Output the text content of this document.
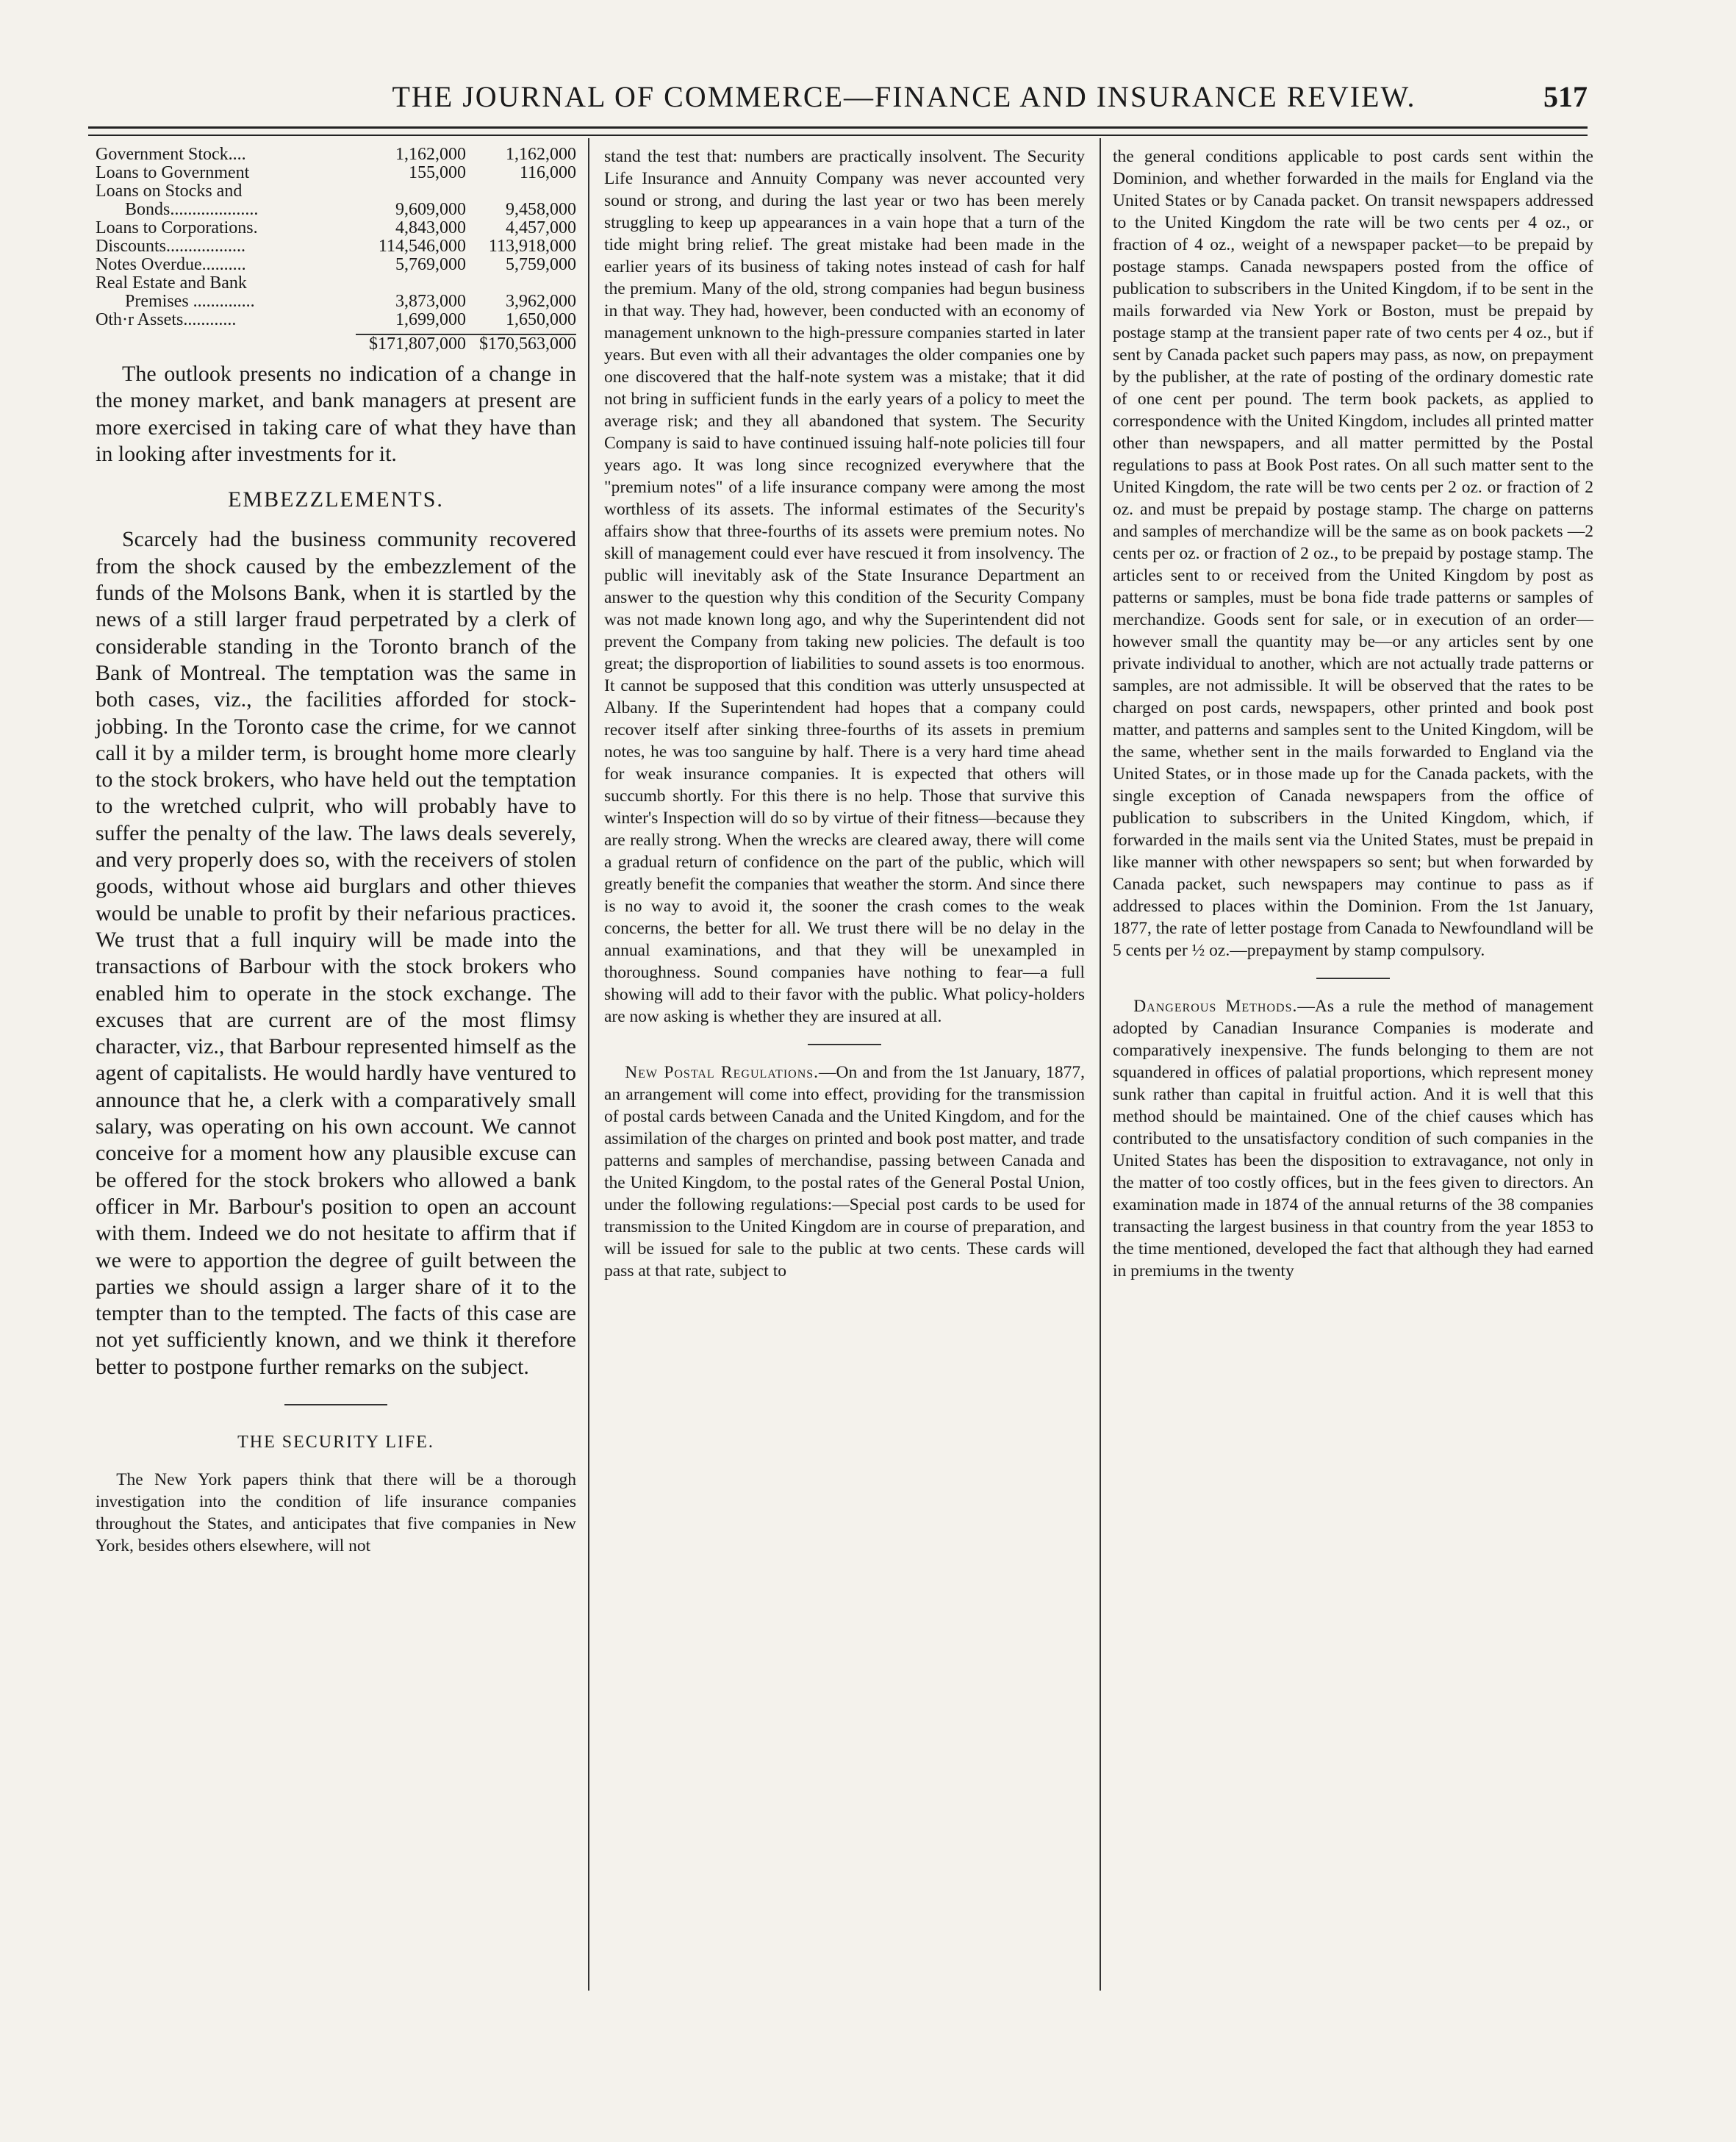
THE JOURNAL OF COMMERCE—FINANCE AND INSURANCE REVIEW.	517
Government Stock....	1,162,000	1,162,000
Loans to Government	155,000	116,000
Loans on Stocks and		
Bonds....................	9,609,000	9,458,000
Loans to Corporations.	4,843,000	4,457,000
Discounts..................	114,546,000	113,918,000
Notes Overdue..........	5,769,000	5,759,000
Real Estate and Bank		
Premises ..............	3,873,000	3,962,000
Oth·r Assets............	1,699,000	1,650,000

	$171,807,000	$170,563,000

The outlook presents no indication of a change in the money market, and bank managers at present are more exercised in taking care of what they have than in looking after investments for it.

EMBEZZLEMENTS.

Scarcely had the business community recovered from the shock caused by the embezzlement of the funds of the Molsons Bank, when it is startled by the news of a still larger fraud perpetrated by a clerk of considerable standing in the Toronto branch of the Bank of Montreal. The temptation was the same in both cases, viz., the facilities afforded for stock-jobbing. In the Toronto case the crime, for we cannot call it by a milder term, is brought home more clearly to the stock brokers, who have held out the temptation to the wretched culprit, who will probably have to suffer the penalty of the law. The laws deals severely, and very properly does so, with the receivers of stolen goods, without whose aid burglars and other thieves would be unable to profit by their nefarious practices. We trust that a full inquiry will be made into the transactions of Barbour with the stock brokers who enabled him to operate in the stock exchange. The excuses that are current are of the most flimsy character, viz., that Barbour represented himself as the agent of capitalists. He would hardly have ventured to announce that he, a clerk with a comparatively small salary, was operating on his own account. We cannot conceive for a moment how any plausible excuse can be offered for the stock brokers who allowed a bank officer in Mr. Barbour's position to open an account with them. Indeed we do not hesitate to affirm that if we were to apportion the degree of guilt between the parties we should assign a larger share of it to the tempter than to the tempted. The facts of this case are not yet sufficiently known, and we think it therefore better to postpone further remarks on the subject.

THE SECURITY LIFE.

The New York papers think that there will be a thorough investigation into the condition of life insurance companies throughout the States, and anticipates that five companies in New York, besides others elsewhere, will not

stand the test that: numbers are practically insolvent. The Security Life Insurance and Annuity Company was never accounted very sound or strong, and during the last year or two has been merely struggling to keep up appearances in a vain hope that a turn of the tide might bring relief. The great mistake had been made in the earlier years of its business of taking notes instead of cash for half the premium. Many of the old, strong companies had begun business in that way. They had, however, been conducted with an economy of management unknown to the high-pressure companies started in later years. But even with all their advantages the older companies one by one discovered that the half-note system was a mistake; that it did not bring in sufficient funds in the early years of a policy to meet the average risk; and they all abandoned that system. The Security Company is said to have continued issuing half-note policies till four years ago. It was long since recognized everywhere that the "premium notes" of a life insurance company were among the most worthless of its assets. The informal estimates of the Security's affairs show that three-fourths of its assets were premium notes. No skill of management could ever have rescued it from insolvency. The public will inevitably ask of the State Insurance Department an answer to the question why this condition of the Security Company was not made known long ago, and why the Superintendent did not prevent the Company from taking new policies. The default is too great; the disproportion of liabilities to sound assets is too enormous. It cannot be supposed that this condition was utterly unsuspected at Albany. If the Superintendent had hopes that a company could recover itself after sinking three-fourths of its assets in premium notes, he was too sanguine by half. There is a very hard time ahead for weak insurance companies. It is expected that others will succumb shortly. For this there is no help. Those that survive this winter's Inspection will do so by virtue of their fitness—because they are really strong. When the wrecks are cleared away, there will come a gradual return of confidence on the part of the public, which will greatly benefit the companies that weather the storm. And since there is no way to avoid it, the sooner the crash comes to the weak concerns, the better for all. We trust there will be no delay in the annual examinations, and that they will be unexampled in thoroughness. Sound companies have nothing to fear—a full showing will add to their favor with the public. What policy-holders are now asking is whether they are insured at all.

New Postal Regulations.—On and from the 1st January, 1877, an arrangement will come into effect, providing for the transmission of postal cards between Canada and the United Kingdom, and for the assimilation of the charges on printed and book post matter, and trade patterns and samples of merchandise, passing between Canada and the United Kingdom, to the postal rates of the General Postal Union, under the following regulations:—Special post cards to be used for transmission to the United Kingdom are in course of preparation, and will be issued for sale to the public at two cents. These cards will pass at that rate, subject to

the general conditions applicable to post cards sent within the Dominion, and whether forwarded in the mails for England via the United States or by Canada packet. On transit newspapers addressed to the United Kingdom the rate will be two cents per 4 oz., or fraction of 4 oz., weight of a newspaper packet—to be prepaid by postage stamps. Canada newspapers posted from the office of publication to subscribers in the United Kingdom, if to be sent in the mails forwarded via New York or Boston, must be prepaid by postage stamp at the transient paper rate of two cents per 4 oz., but if sent by Canada packet such papers may pass, as now, on prepayment by the publisher, at the rate of posting of the ordinary domestic rate of one cent per pound. The term book packets, as applied to correspondence with the United Kingdom, includes all printed matter other than newspapers, and all matter permitted by the Postal regulations to pass at Book Post rates. On all such matter sent to the United Kingdom, the rate will be two cents per 2 oz. or fraction of 2 oz. and must be prepaid by postage stamp. The charge on patterns and samples of merchandize will be the same as on book packets —2 cents per oz. or fraction of 2 oz., to be prepaid by postage stamp. The articles sent to or received from the United Kingdom by post as patterns or samples, must be bona fide trade patterns or samples of merchandize. Goods sent for sale, or in execution of an order—however small the quantity may be—or any articles sent by one private individual to another, which are not actually trade patterns or samples, are not admissible. It will be observed that the rates to be charged on post cards, newspapers, other printed and book post matter, and patterns and samples sent to the United Kingdom, will be the same, whether sent in the mails forwarded to England via the United States, or in those made up for the Canada packets, with the single exception of Canada newspapers from the office of publication to subscribers in the United Kingdom, which, if forwarded in the mails sent via the United States, must be prepaid in like manner with other newspapers so sent; but when forwarded by Canada packet, such newspapers may continue to pass as if addressed to places within the Dominion. From the 1st January, 1877, the rate of letter postage from Canada to Newfoundland will be 5 cents per ½ oz.—prepayment by stamp compulsory.

Dangerous Methods.—As a rule the method of management adopted by Canadian Insurance Companies is moderate and comparatively inexpensive. The funds belonging to them are not squandered in offices of palatial proportions, which represent money sunk rather than capital in fruitful action. And it is well that this method should be maintained. One of the chief causes which has contributed to the unsatisfactory condition of such companies in the United States has been the disposition to extravagance, not only in the matter of too costly offices, but in the fees given to directors. An examination made in 1874 of the annual returns of the 38 companies transacting the largest business in that country from the year 1853 to the time mentioned, developed the fact that although they had earned in premiums in the twenty
